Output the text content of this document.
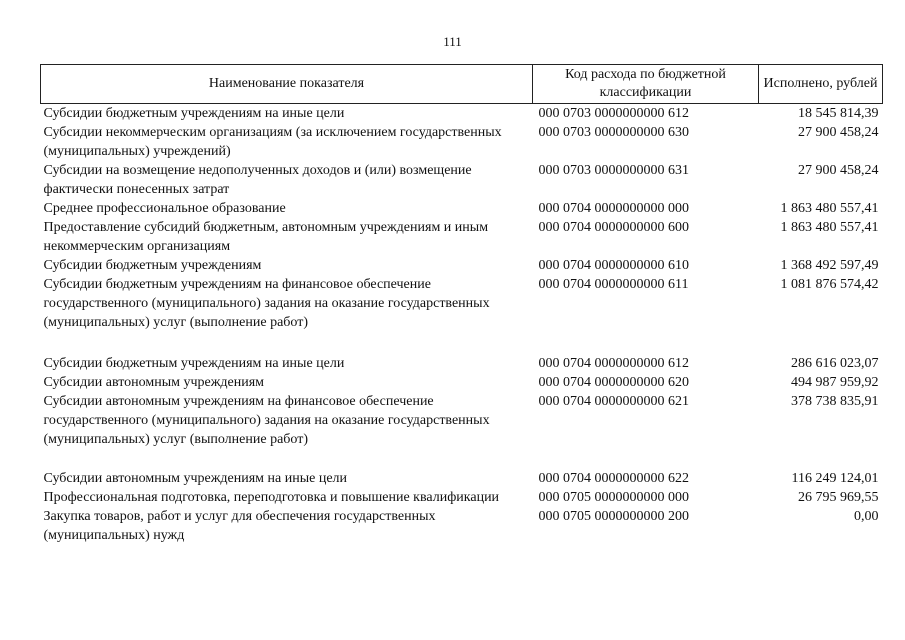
111
Наименование показателя	Код расхода по бюджетной классификации	Исполнено, рублей
Субсидии бюджетным учреждениям на иные цели	000 0703 0000000000 612	18 545 814,39
Субсидии некоммерческим организациям (за исключением государственных (муниципальных) учреждений)	000 0703 0000000000 630	27 900 458,24
Субсидии на возмещение недополученных доходов и (или) возмещение фактически понесенных затрат	000 0703 0000000000 631	27 900 458,24
Среднее профессиональное образование	000 0704 0000000000 000	1 863 480 557,41
Предоставление субсидий бюджетным, автономным учреждениям и иным некоммерческим организациям	000 0704 0000000000 600	1 863 480 557,41
Субсидии бюджетным учреждениям	000 0704 0000000000 610	1 368 492 597,49
Субсидии бюджетным учреждениям на финансовое обеспечение государственного (муниципального) задания на оказание государственных (муниципальных) услуг (выполнение работ)	000 0704 0000000000 611	1 081 876 574,42

Субсидии бюджетным учреждениям на иные цели	000 0704 0000000000 612	286 616 023,07
Субсидии автономным учреждениям	000 0704 0000000000 620	494 987 959,92
Субсидии автономным учреждениям на финансовое обеспечение государственного (муниципального) задания на оказание государственных (муниципальных) услуг (выполнение работ)	000 0704 0000000000 621	378 738 835,91

Субсидии автономным учреждениям на иные цели	000 0704 0000000000 622	116 249 124,01
Профессиональная подготовка, переподготовка и повышение квалификации	000 0705 0000000000 000	26 795 969,55
Закупка товаров, работ и услуг для обеспечения государственных (муниципальных) нужд	000 0705 0000000000 200	0,00
